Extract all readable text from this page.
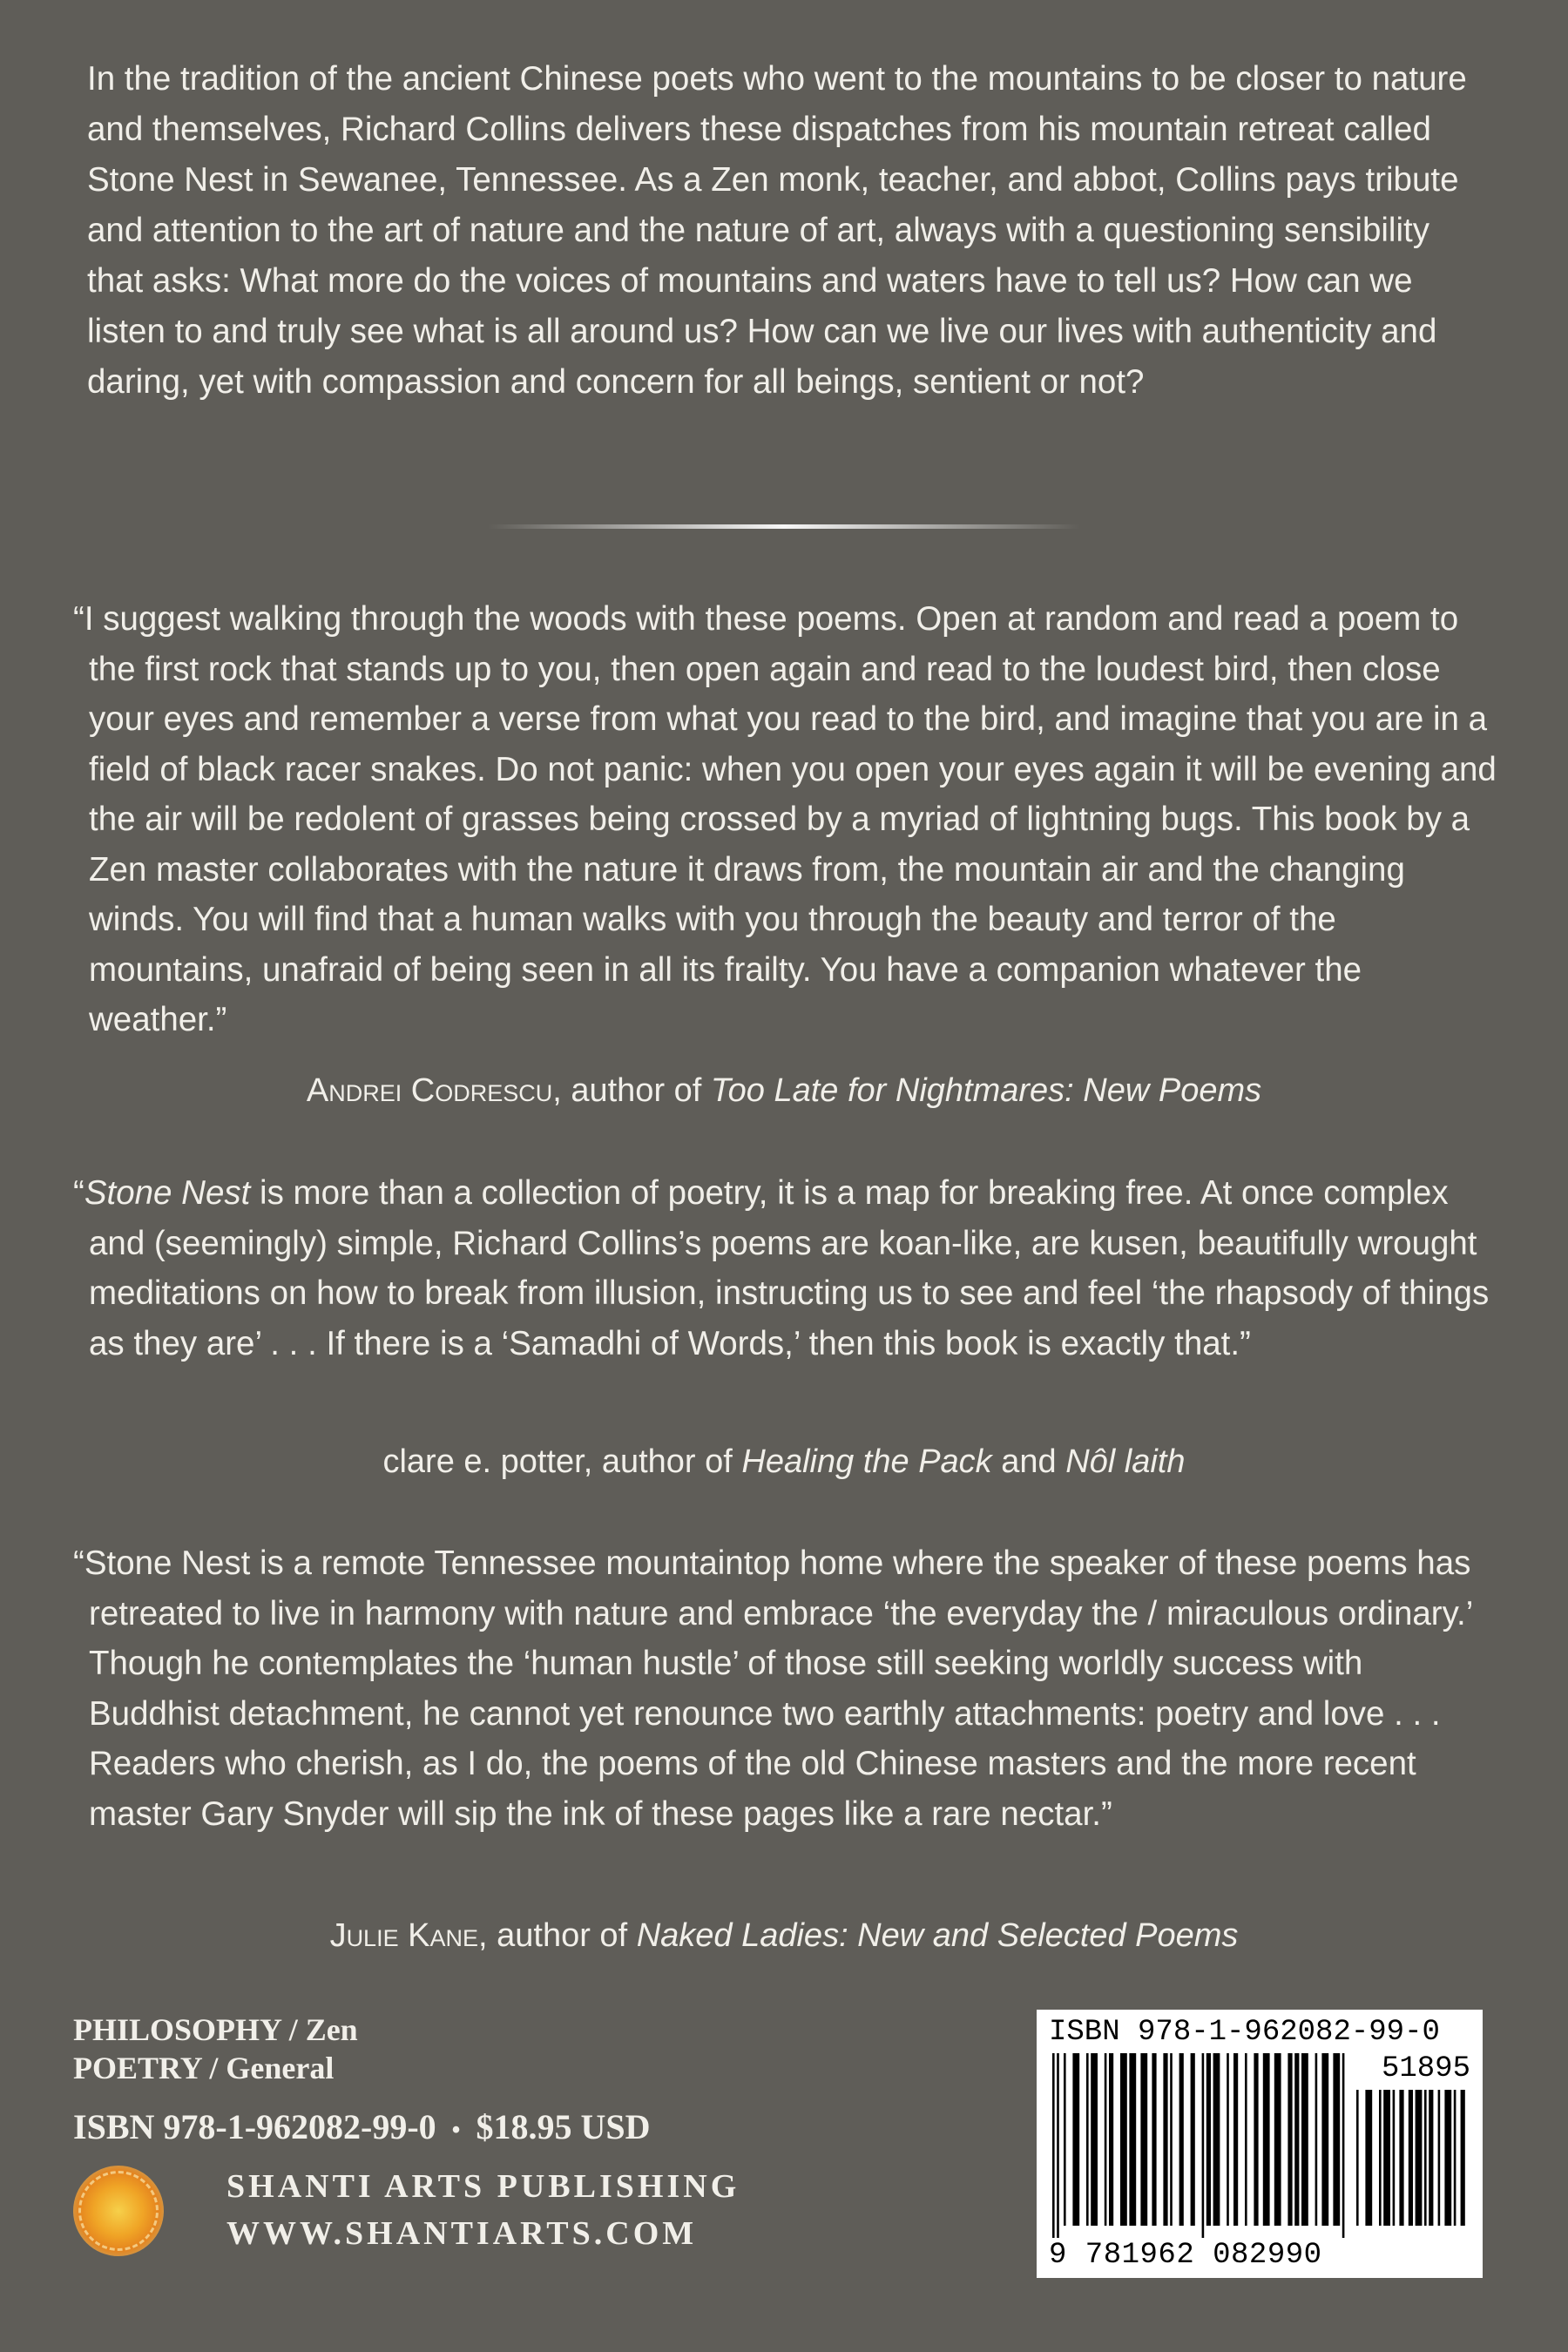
In the tradition of the ancient Chinese poets who went to the mountains to be closer to nature and themselves, Richard Collins delivers these dispatches from his mountain retreat called Stone Nest in Sewanee, Tennessee. As a Zen monk, teacher, and abbot, Collins pays tribute and attention to the art of nature and the nature of art, always with a questioning sensibility that asks: What more do the voices of mountains and waters have to tell us? How can we listen to and truly see what is all around us? How can we live our lives with authenticity and daring, yet with compassion and concern for all beings, sentient or not?

“I suggest walking through the woods with these poems. Open at random and read a poem to the first rock that stands up to you, then open again and read to the loudest bird, then close your eyes and remember a verse from what you read to the bird, and imagine that you are in a field of black racer snakes. Do not panic: when you open your eyes again it will be evening and the air will be redolent of grasses being crossed by a myriad of lightning bugs. This book by a Zen master collaborates with the nature it draws from, the mountain air and the changing winds. You will find that a human walks with you through the beauty and terror of the mountains, unafraid of being seen in all its frailty. You have a companion whatever the weather.”

Andrei Codrescu, author of Too Late for Nightmares: New Poems

“Stone Nest is more than a collection of poetry, it is a map for breaking free. At once complex and (seemingly) simple, Richard Collins’s poems are koan-like, are kusen, beautifully wrought meditations on how to break from illusion, instructing us to see and feel ‘the rhapsody of things as they are’ . . . If there is a ‘Samadhi of Words,’ then this book is exactly that.”

clare e. potter, author of Healing the Pack and Nôl laith

“Stone Nest is a remote Tennessee mountaintop home where the speaker of these poems has retreated to live in harmony with nature and embrace ‘the everyday the / miraculous ordinary.’ Though he contemplates the ‘human hustle’ of those still seeking worldly success with Buddhist detachment, he cannot yet renounce two earthly attachments: poetry and love . . . Readers who cherish, as I do, the poems of the old Chinese masters and the more recent master Gary Snyder will sip the ink of these pages like a rare nectar.”

Julie Kane, author of Naked Ladies: New and Selected Poems
PHILOSOPHY / Zen
POETRY / General
ISBN 978-1-962082-99-0 • $18.95 USD
SHANTI ARTS PUBLISHING
WWW.SHANTIARTS.COM
ISBN 978-1-962082-99-0
51895
9 781962 082990
